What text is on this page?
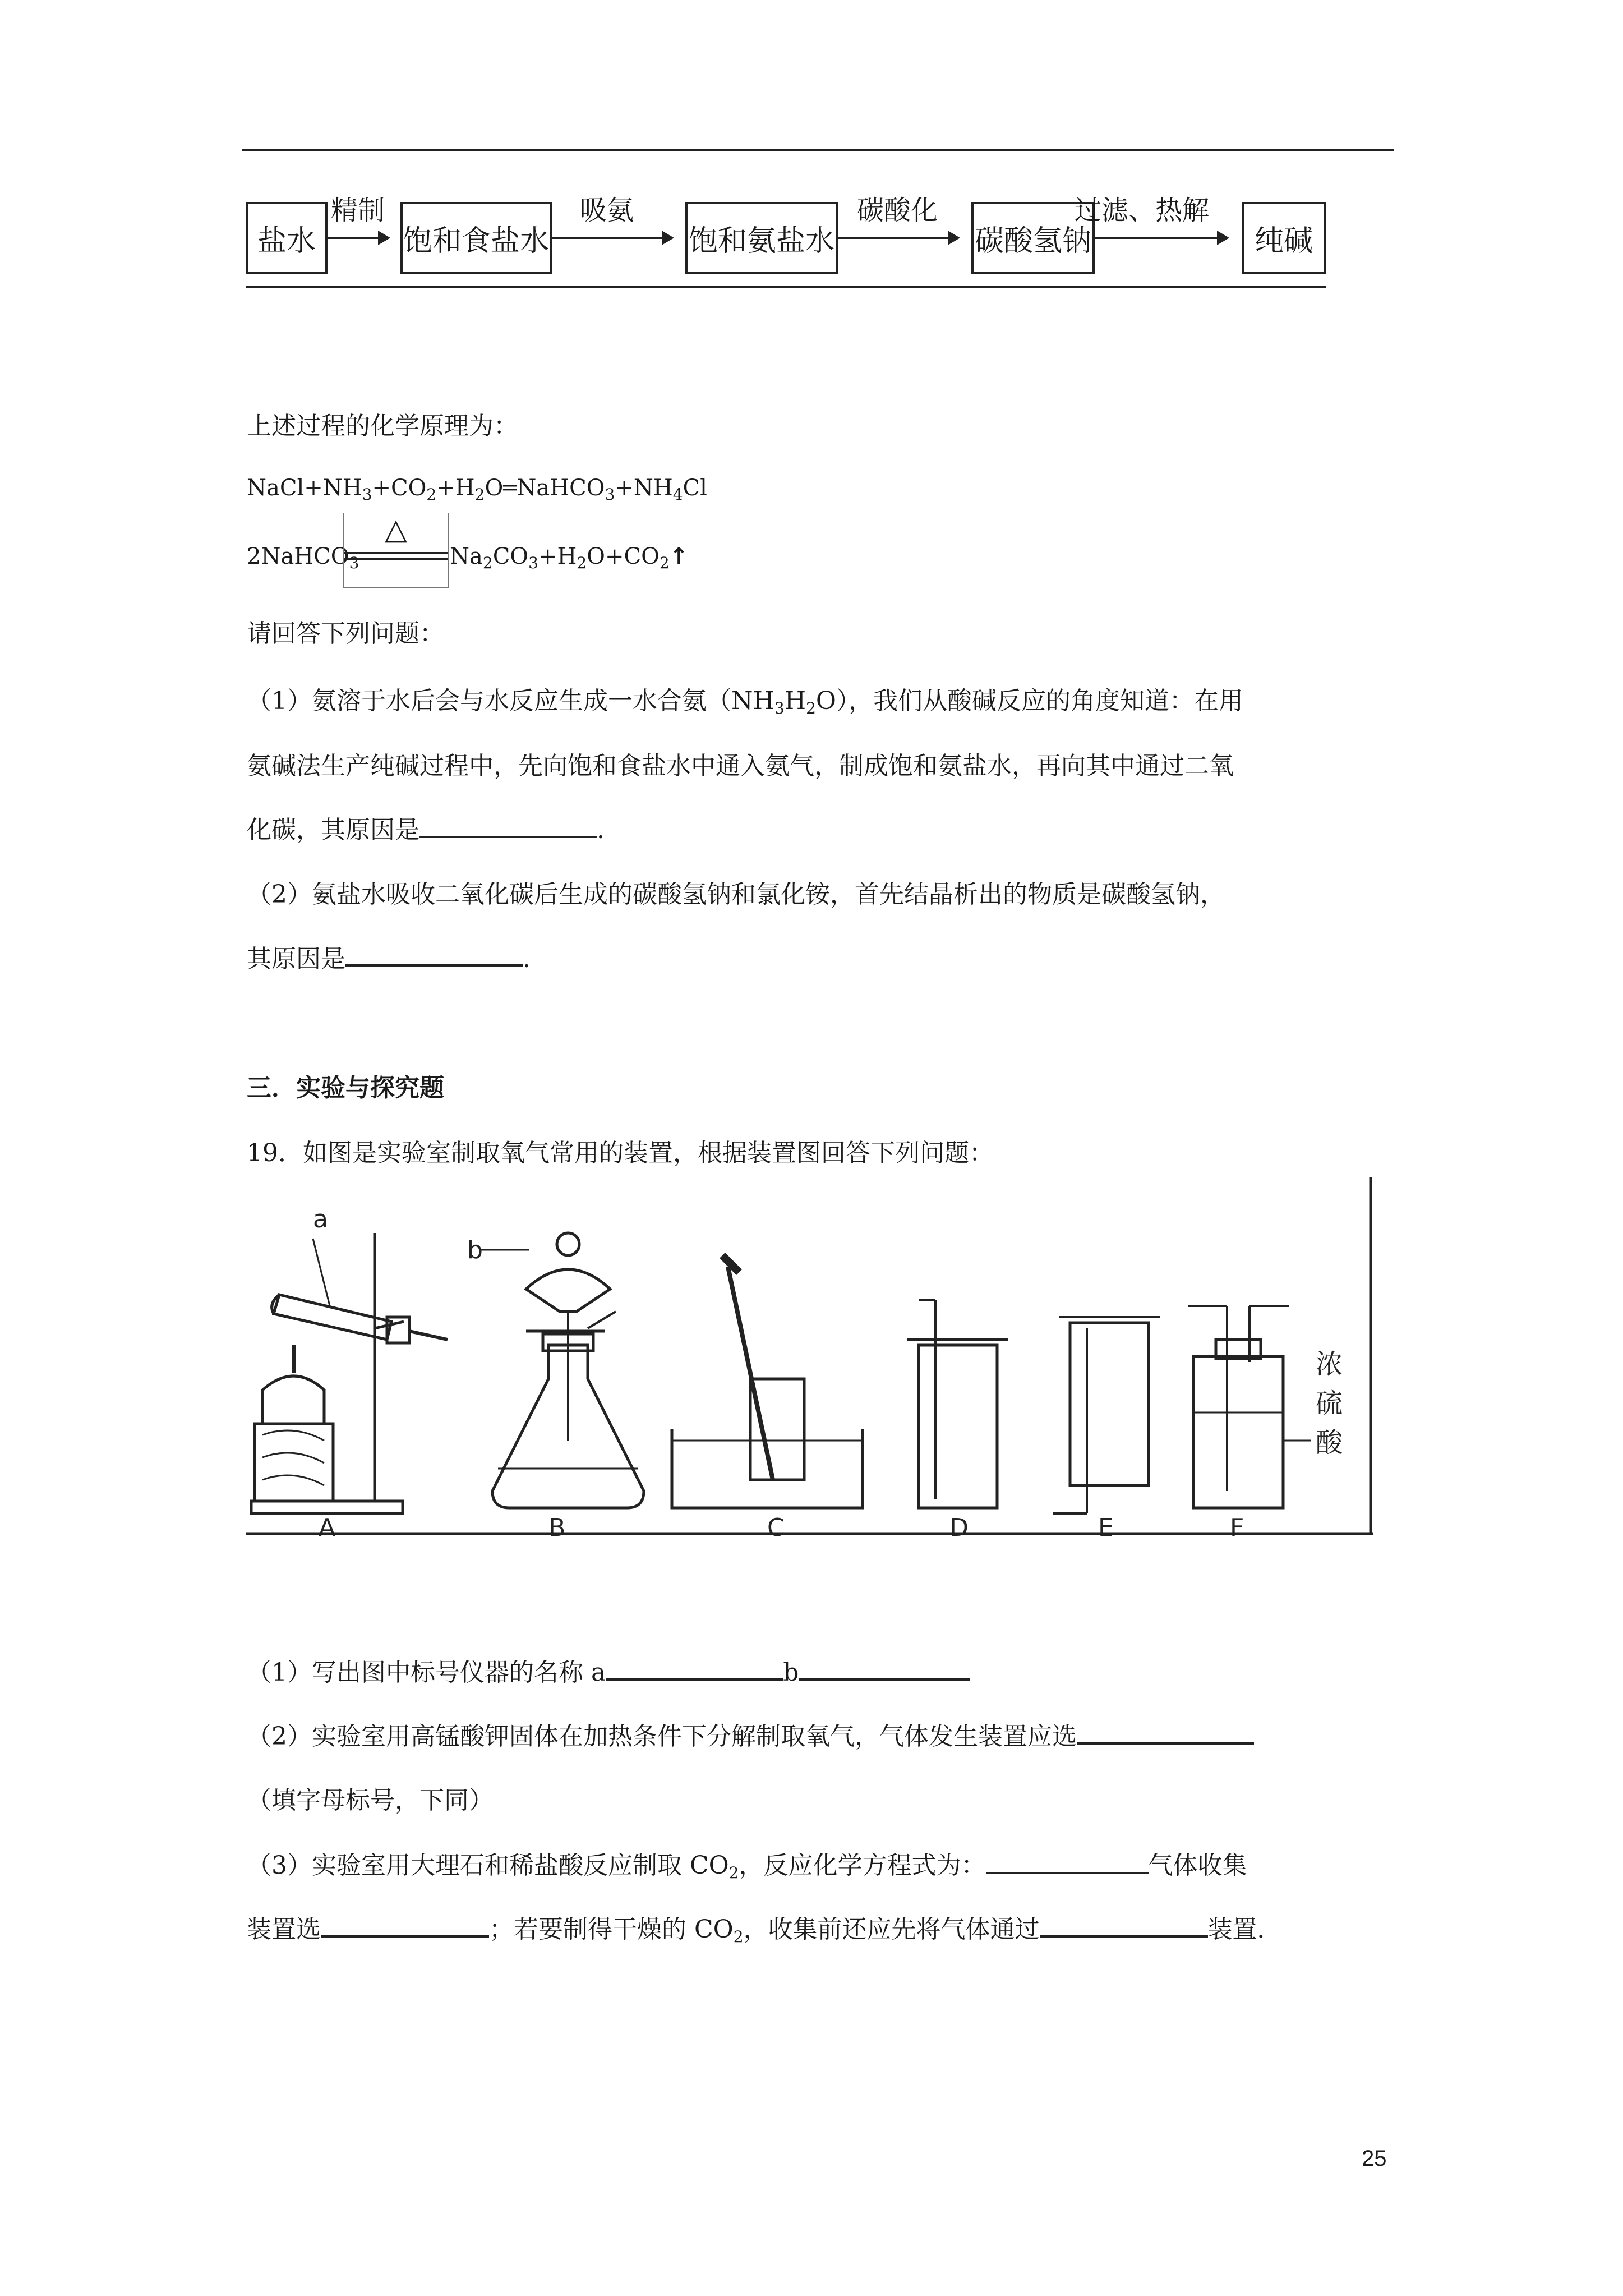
盐水
精制
饱和食盐水
吸氨
饱和氨盐水
碳酸化
碳酸氢钠
过滤、热解
纯碱
上述过程的化学原理为：
$NaCl+NH_3+CO_2+H_2O═NaHCO_3+NH_4Cl$
2NaHCO$_3$
△
$Na_2CO_3+H_2O+CO_2↑$
请回答下列问题：
（1）氨溶于水后会与水反应生成一水合氨$(NH_3H_2O)$，我们从酸碱反应的角度知道：在用
氨碱法生产纯碱过程中，先向饱和食盐水中通入氨气，制成饱和氨盐水，再向其中通过二氧
化碳，其原因是	.
（2）氨盐水吸收二氧化碳后生成的碳酸氢钠和氯化铵，首先结晶析出的物质是碳酸氢钠，
其原因是	.
三．实验与探究题
19．如图是实验室制取氧气常用的装置，根据装置图回答下列问题：
a
b
浓
硫
酸
A	B	C	D	E	F
（1）写出图中标号仪器的名称 a	b
（2）实验室用高锰酸钾固体在加热条件下分解制取氧气，气体发生装置应选
（填字母标号，下同）
（3）实验室用大理石和稀盐酸反应制取 $CO_2$，反应化学方程式为：	气体收集
装置选	；若要制得干燥的 $CO_2$，收集前还应先将气体通过	装置．
25
